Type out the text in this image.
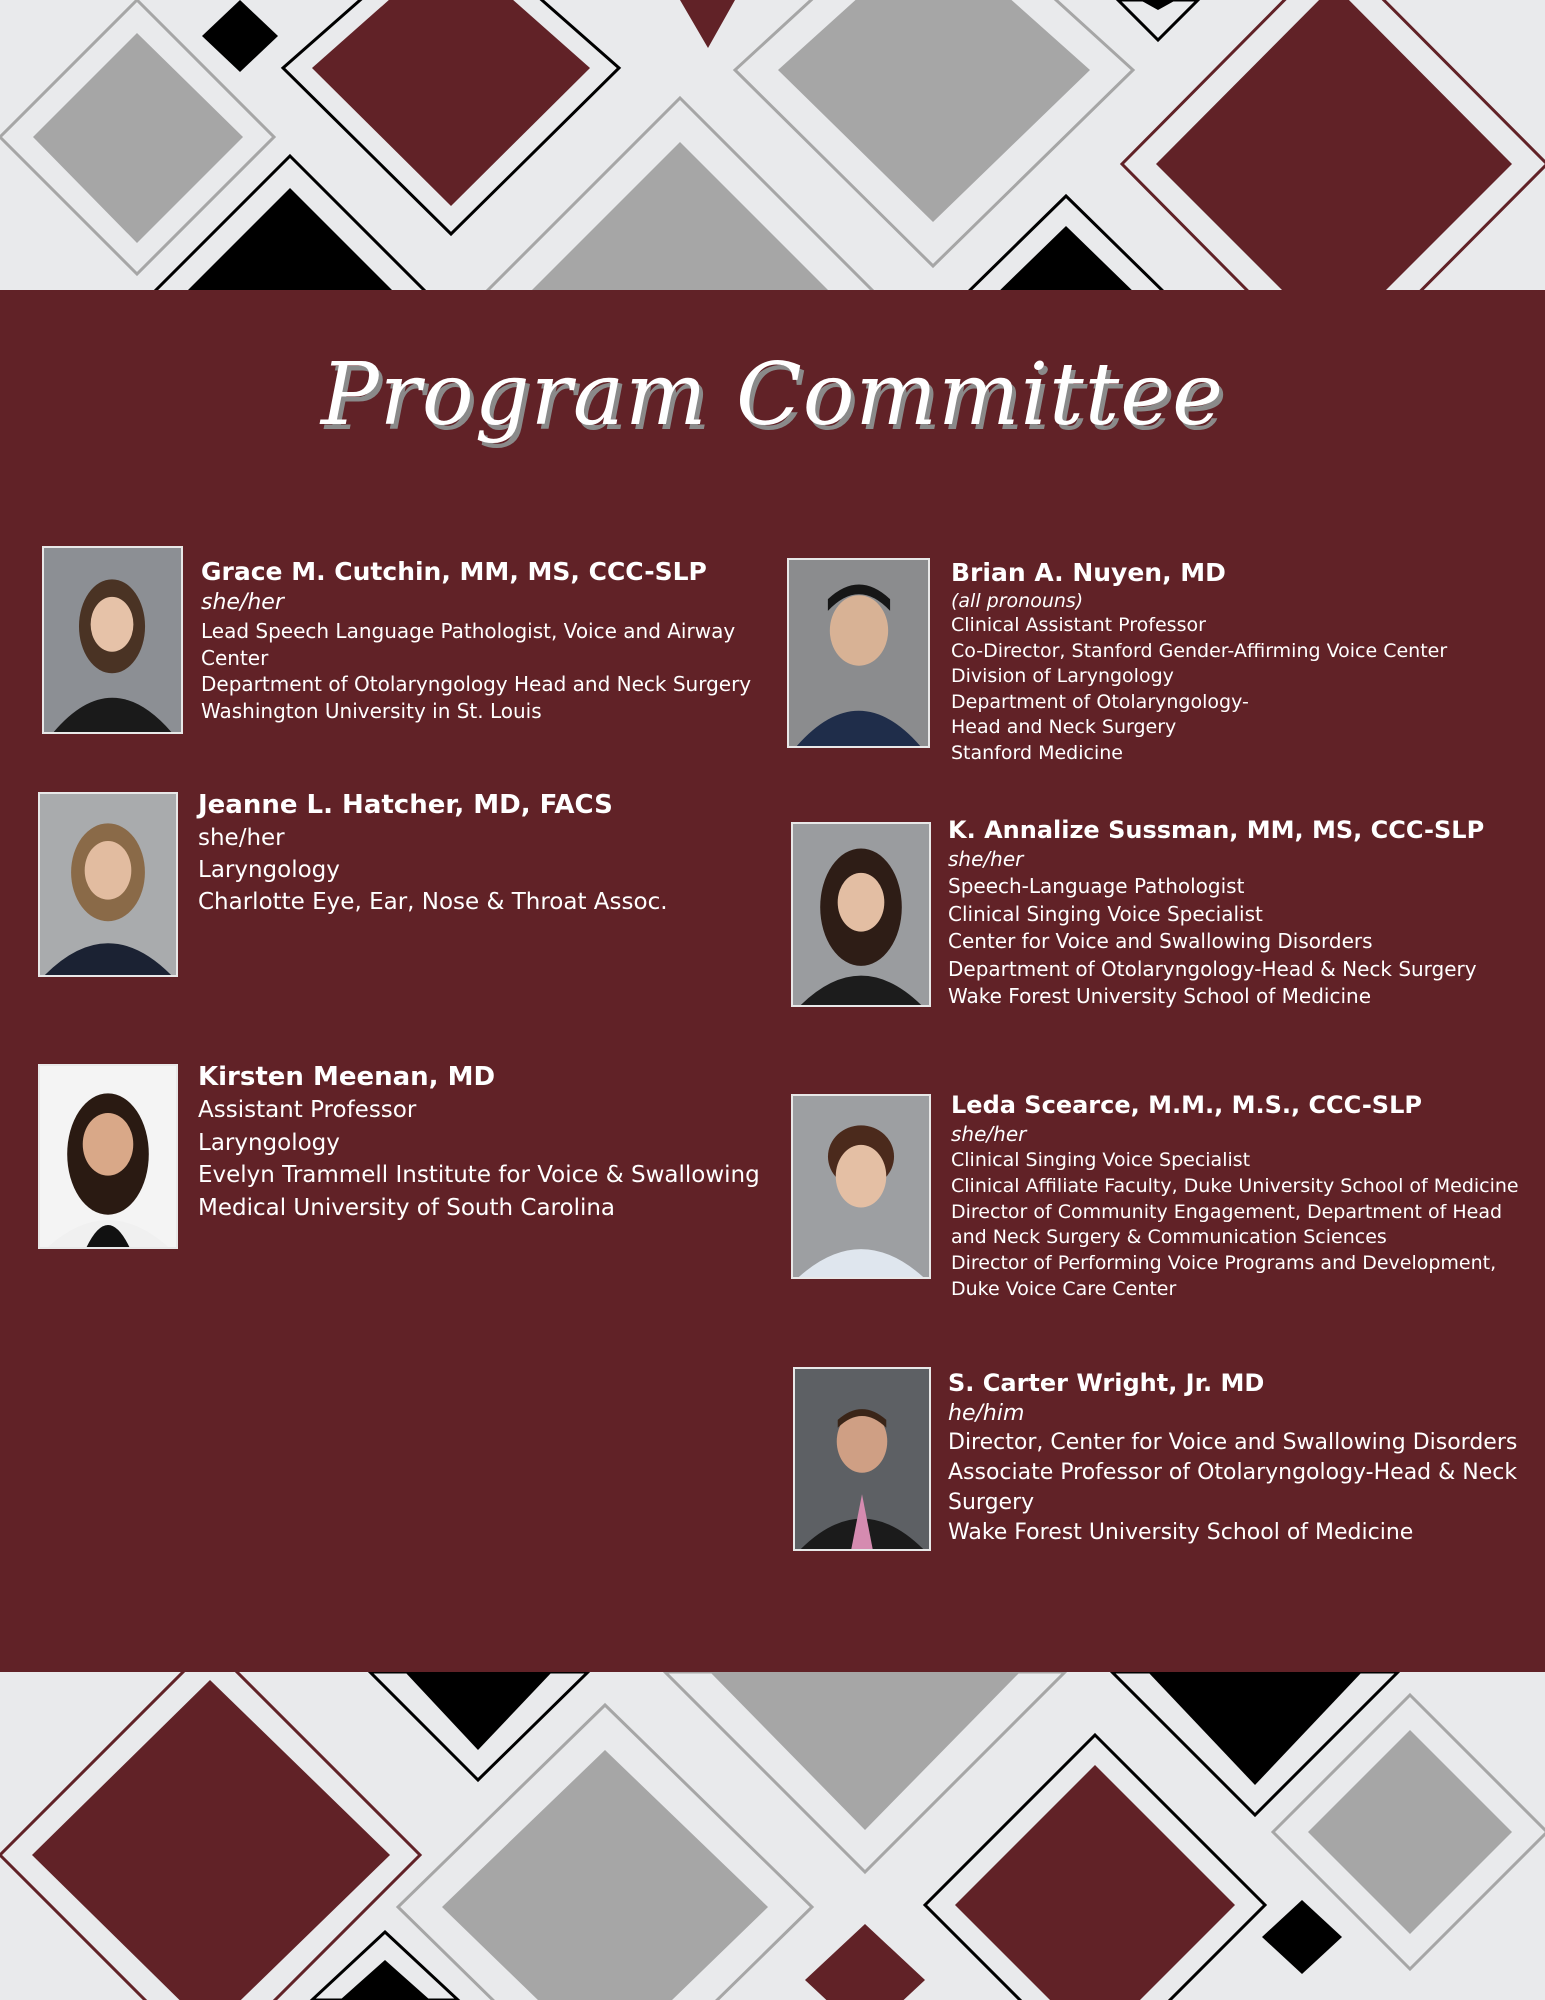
Program Committee
Grace M. Cutchin, MM, MS, CCC-SLP
she/her
Lead Speech Language Pathologist, Voice and Airway
Center
Department of Otolaryngology Head and Neck Surgery
Washington University in St. Louis
Brian A. Nuyen, MD
(all pronouns)
Clinical Assistant Professor
Co-Director, Stanford Gender-Affirming Voice Center
Division of Laryngology
Department of Otolaryngology-
Head and Neck Surgery
Stanford Medicine
Jeanne L. Hatcher, MD, FACS
she/her
Laryngology
Charlotte Eye, Ear, Nose & Throat Assoc.
K. Annalize Sussman, MM, MS, CCC-SLP
she/her
Speech-Language Pathologist
Clinical Singing Voice Specialist
Center for Voice and Swallowing Disorders
Department of Otolaryngology-Head & Neck Surgery
Wake Forest University School of Medicine
Kirsten Meenan, MD
Assistant Professor
Laryngology
Evelyn Trammell Institute for Voice & Swallowing
Medical University of South Carolina
Leda Scearce, M.M., M.S., CCC-SLP
she/her
Clinical Singing Voice Specialist
Clinical Affiliate Faculty, Duke University School of Medicine
Director of Community Engagement, Department of Head
and Neck Surgery & Communication Sciences
Director of Performing Voice Programs and Development,
Duke Voice Care Center
S. Carter Wright, Jr. MD
he/him
Director, Center for Voice and Swallowing Disorders
Associate Professor of Otolaryngology-Head & Neck
Surgery
Wake Forest University School of Medicine
